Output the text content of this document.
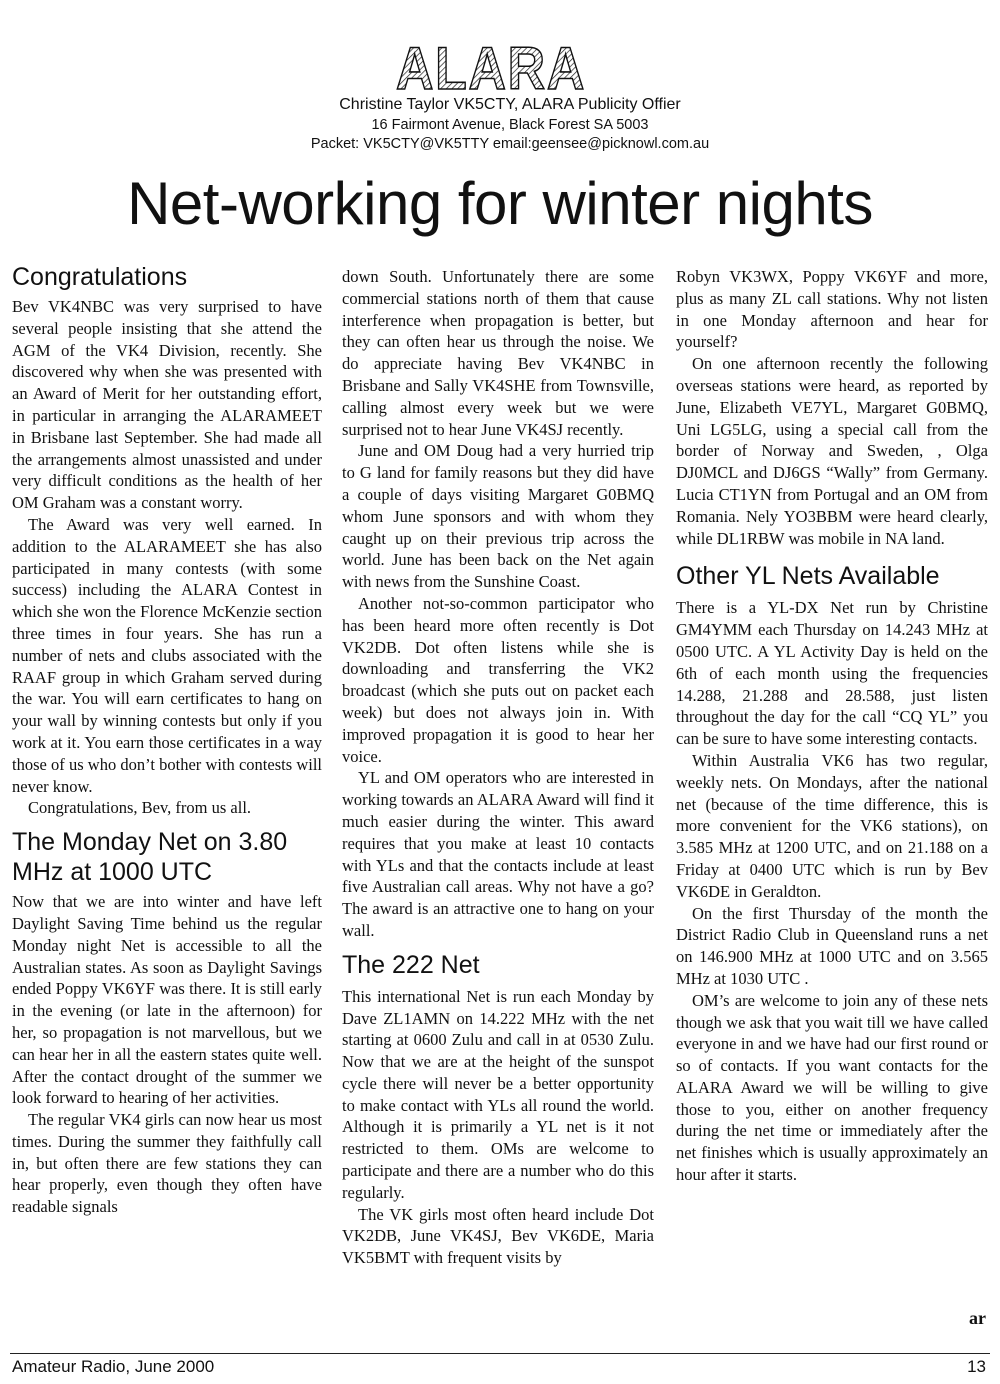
ALARA
Christine Taylor VK5CTY, ALARA Publicity Offier
16 Fairmont Avenue, Black Forest SA 5003
Packet: VK5CTY@VK5TTY email:geensee@picknowl.com.au
Net-working for winter nights
Congratulations

Bev VK4NBC was very surprised to have several people insisting that she attend the AGM of the VK4 Division, recently. She discovered why when she was presented with an Award of Merit for her outstanding effort, in particular in arranging the ALARAMEET in Brisbane last September. She had made all the arrangements almost unassisted and under very difficult conditions as the health of her OM Graham was a constant worry.

The Award was very well earned. In addition to the ALARAMEET she has also participated in many contests (with some success) including the ALARA Contest in which she won the Florence McKenzie section three times in four years. She has run a number of nets and clubs associated with the RAAF group in which Graham served during the war. You will earn certificates to hang on your wall by winning contests but only if you work at it. You earn those certificates in a way those of us who don’t bother with contests will never know.

Congratulations, Bev, from us all.

The Monday Net on 3.80 MHz at 1000 UTC

Now that we are into winter and have left Daylight Saving Time behind us the regular Monday night Net is accessible to all the Australian states. As soon as Daylight Savings ended Poppy VK6YF was there. It is still early in the evening (or late in the afternoon) for her, so propagation is not marvellous, but we can hear her in all the eastern states quite well. After the contact drought of the summer we look forward to hearing of her activities.

The regular VK4 girls can now hear us most times. During the summer they faithfully call in, but often there are few stations they can hear properly, even though they often have readable signals

down South. Unfortunately there are some commercial stations north of them that cause interference when propagation is better, but they can often hear us through the noise. We do appreciate having Bev VK4NBC in Brisbane and Sally VK4SHE from Townsville, calling almost every week but we were surprised not to hear June VK4SJ recently.

June and OM Doug had a very hurried trip to G land for family reasons but they did have a couple of days visiting Margaret G0BMQ whom June sponsors and with whom they caught up on their previous trip across the world. June has been back on the Net again with news from the Sunshine Coast.

Another not-so-common participator who has been heard more often recently is Dot VK2DB. Dot often listens while she is downloading and transferring the VK2 broadcast (which she puts out on packet each week) but does not always join in. With improved propagation it is good to hear her voice.

YL and OM operators who are interested in working towards an ALARA Award will find it much easier during the winter. This award requires that you make at least 10 contacts with YLs and that the contacts include at least five Australian call areas. Why not have a go? The award is an attractive one to hang on your wall.

The 222 Net

This international Net is run each Monday by Dave ZL1AMN on 14.222 MHz with the net starting at 0600 Zulu and call in at 0530 Zulu. Now that we are at the height of the sunspot cycle there will never be a better opportunity to make contact with YLs all round the world. Although it is primarily a YL net is it not restricted to them. OMs are welcome to participate and there are a number who do this regularly.

The VK girls most often heard include Dot VK2DB, June VK4SJ, Bev VK6DE, Maria VK5BMT with frequent visits by

Robyn VK3WX, Poppy VK6YF and more, plus as many ZL call stations. Why not listen in one Monday afternoon and hear for yourself?

On one afternoon recently the following overseas stations were heard, as reported by June, Elizabeth VE7YL, Margaret G0BMQ, Uni LG5LG, using a special call from the border of Norway and Sweden, , Olga DJ0MCL and DJ6GS “Wally” from Germany. Lucia CT1YN from Portugal and an OM from Romania. Nely YO3BBM were heard clearly, while DL1RBW was mobile in NA land.

Other YL Nets Available

There is a YL-DX Net run by Christine GM4YMM each Thursday on 14.243 MHz at 0500 UTC. A YL Activity Day is held on the 6th of each month using the frequencies 14.288, 21.288 and 28.588, just listen throughout the day for the call “CQ YL” you can be sure to have some interesting contacts.

Within Australia VK6 has two regular, weekly nets. On Mondays, after the national net (because of the time difference, this is more convenient for the VK6 stations), on 3.585 MHz at 1200 UTC, and on 21.188 on a Friday at 0400 UTC which is run by Bev VK6DE in Geraldton.

On the first Thursday of the month the District Radio Club in Queensland runs a net on 146.900 MHz at 1000 UTC and on 3.565 MHz at 1030 UTC .

OM’s are welcome to join any of these nets though we ask that you wait till we have called everyone in and we have had our first round or so of contacts. If you want contacts for the ALARA Award we will be willing to give those to you, either on another frequency during the net time or immediately after the net finishes which is usually approximately an hour after it starts.

ar
Amateur Radio, June 2000	13
